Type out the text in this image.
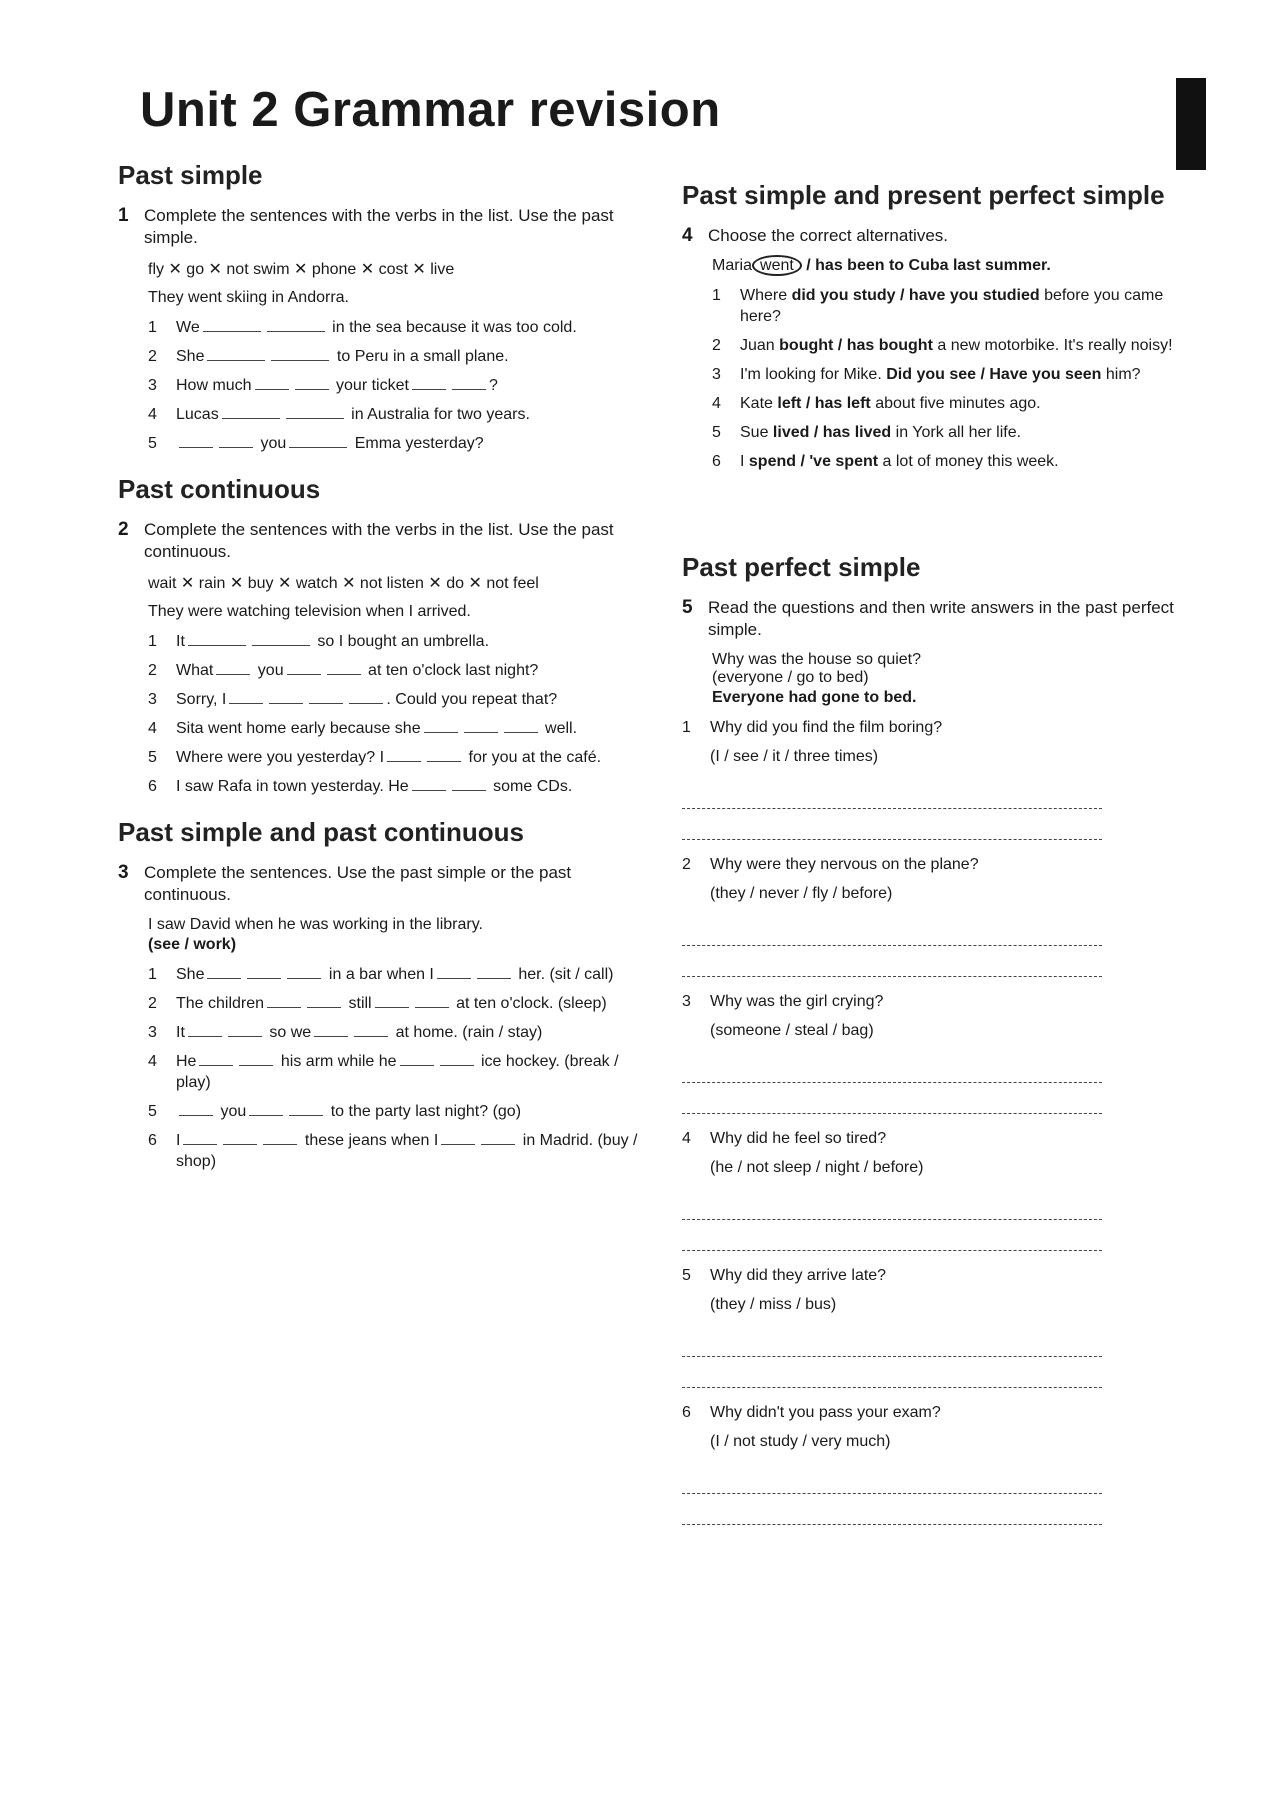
Unit 2 Grammar revision
Past simple
1 Complete the sentences with the verbs in the list. Use the past simple.
fly ✕ go ✕ not swim ✕ phone ✕ cost ✕ live
They went skiing in Andorra.
1 We	in the sea because it was too cold.
2 She	to Peru in a small plane.
3 How much	your ticket	?
4 Lucas	in Australia for two years.
5	you	Emma yesterday?
Past continuous
2 Complete the sentences with the verbs in the list. Use the past continuous.
wait ✕ rain ✕ buy ✕ watch ✕ not listen ✕ do ✕ not feel
They were watching television when I arrived.
1 It	so I bought an umbrella.
2 What	you	at ten o'clock last night?
3 Sorry, I	. Could you repeat that?
4 Sita went home early because she	well.
5 Where were you yesterday? I	for you at the café.
6 I saw Rafa in town yesterday. He	some CDs.
Past simple and past continuous
3 Complete the sentences. Use the past simple or the past continuous.
I saw David when he was working in the library.
(see / work)
1 She	in a bar when I	her. (sit / call)
2 The children	still	at ten o'clock. (sleep)
3 It	so we	at home. (rain / stay)
4 He	his arm while he	ice hockey. (break / play)
5	you	to the party last night? (go)
6 I	these jeans when I	in Madrid. (buy / shop)
Past simple and present perfect simple
4 Choose the correct alternatives.
Maria went / has been to Cuba last summer.
1 Where did you study / have you studied before you came here?
2 Juan bought / has bought a new motorbike. It's really noisy!
3 I'm looking for Mike. Did you see / Have you seen him?
4 Kate left / has left about five minutes ago.
5 Sue lived / has lived in York all her life.
6 I spend / 've spent a lot of money this week.
Past perfect simple
5 Read the questions and then write answers in the past perfect simple.
Why was the house so quiet?
(everyone / go to bed)
Everyone had gone to bed.
1 Why did you find the film boring?
(I / see / it / three times)
2 Why were they nervous on the plane?
(they / never / fly / before)
3 Why was the girl crying?
(someone / steal / bag)
4 Why did he feel so tired?
(he / not sleep / night / before)
5 Why did they arrive late?
(they / miss / bus)
6 Why didn't you pass your exam?
(I / not study / very much)
